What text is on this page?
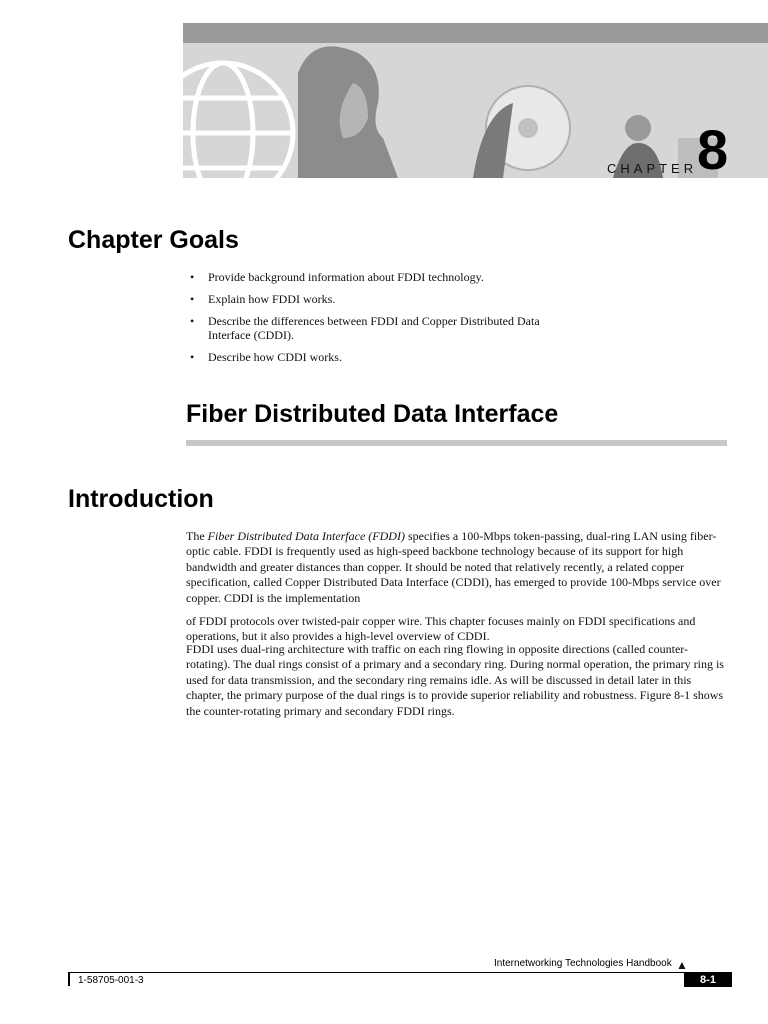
CHAPTER 8
Chapter Goals
• Provide background information about FDDI technology.
• Explain how FDDI works.
• Describe the differences between FDDI and Copper Distributed Data Interface (CDDI).
• Describe how CDDI works.
Fiber Distributed Data Interface
Introduction

The Fiber Distributed Data Interface (FDDI) specifies a 100-Mbps token-passing, dual-ring LAN using fiber-optic cable. FDDI is frequently used as high-speed backbone technology because of its support for high bandwidth and greater distances than copper. It should be noted that relatively recently, a related copper specification, called Copper Distributed Data Interface (CDDI), has emerged to provide 100-Mbps service over copper. CDDI is the implementation

of FDDI protocols over twisted-pair copper wire. This chapter focuses mainly on FDDI specifications and operations, but it also provides a high-level overview of CDDI.

FDDI uses dual-ring architecture with traffic on each ring flowing in opposite directions (called counter-rotating). The dual rings consist of a primary and a secondary ring. During normal operation, the primary ring is used for data transmission, and the secondary ring remains idle. As will be discussed in detail later in this chapter, the primary purpose of the dual rings is to provide superior reliability and robustness. Figure 8-1 shows the counter-rotating primary and secondary FDDI rings.

Internetworking Technologies Handbook ▲
1-58705-001-3	8-1
